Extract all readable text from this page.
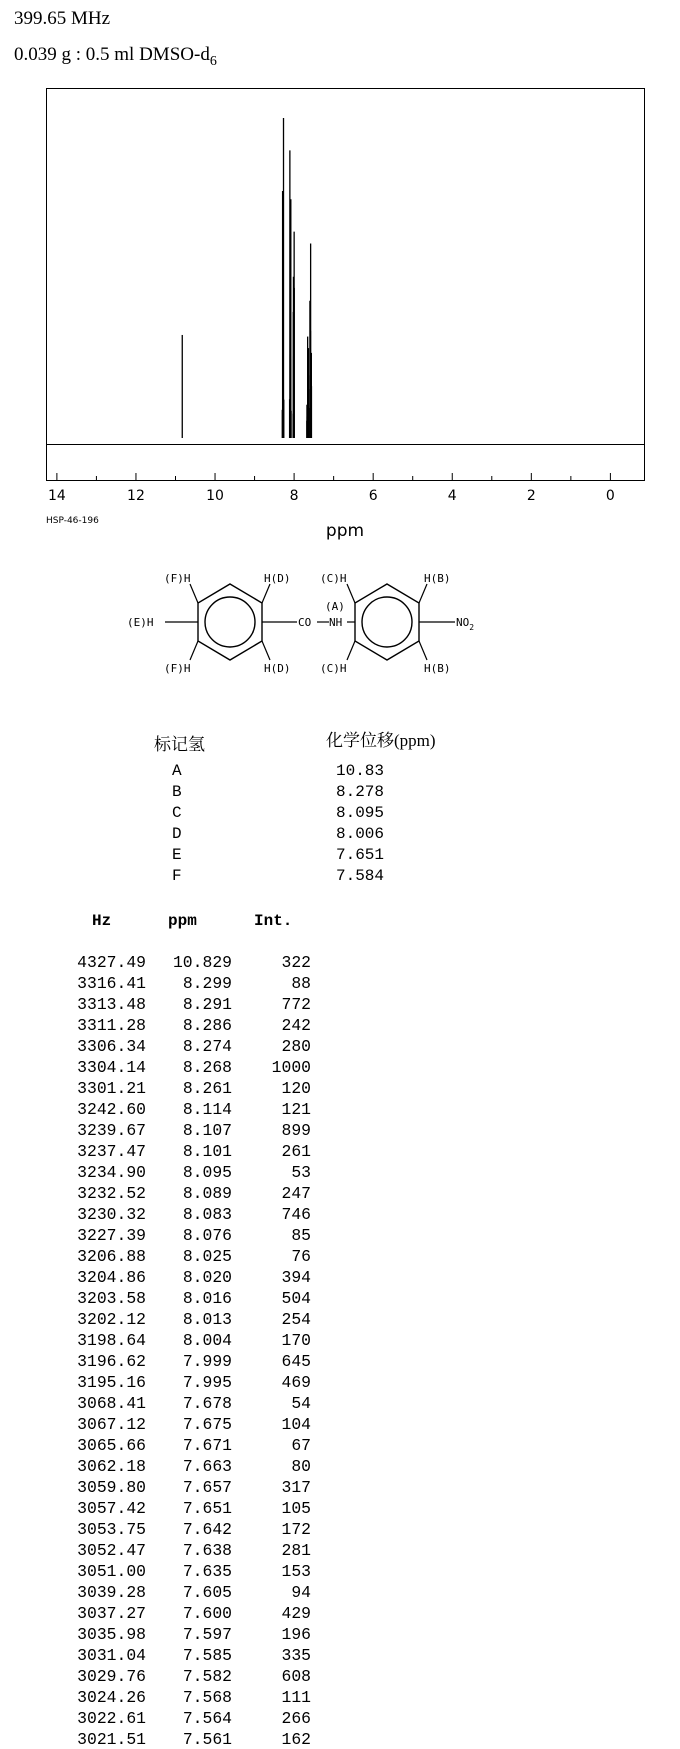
399.65 MHz
0.039 g : 0.5 ml DMSO-$d_6$
14	12	10	8	6	4	2	0
ppm
HSP-46-196
(F)H	H(D)
(E)H
(F)H	H(D)
CO
(A)
NH
(C)H	H(B)
(C)H	H(B)
$NO_2$
标记氢	化学位移(ppm)
A	10.83
B	8.278
C	8.095
D	8.006
E	7.651
F	7.584
Hz	ppm	Int.
4327.49	10.829	322
3316.41	8.299	88
3313.48	8.291	772
3311.28	8.286	242
3306.34	8.274	280
3304.14	8.268	1000
3301.21	8.261	120
3242.60	8.114	121
3239.67	8.107	899
3237.47	8.101	261
3234.90	8.095	53
3232.52	8.089	247
3230.32	8.083	746
3227.39	8.076	85
3206.88	8.025	76
3204.86	8.020	394
3203.58	8.016	504
3202.12	8.013	254
3198.64	8.004	170
3196.62	7.999	645
3195.16	7.995	469
3068.41	7.678	54
3067.12	7.675	104
3065.66	7.671	67
3062.18	7.663	80
3059.80	7.657	317
3057.42	7.651	105
3053.75	7.642	172
3052.47	7.638	281
3051.00	7.635	153
3039.28	7.605	94
3037.27	7.600	429
3035.98	7.597	196
3031.04	7.585	335
3029.76	7.582	608
3024.26	7.568	111
3022.61	7.564	266
3021.51	7.561	162
